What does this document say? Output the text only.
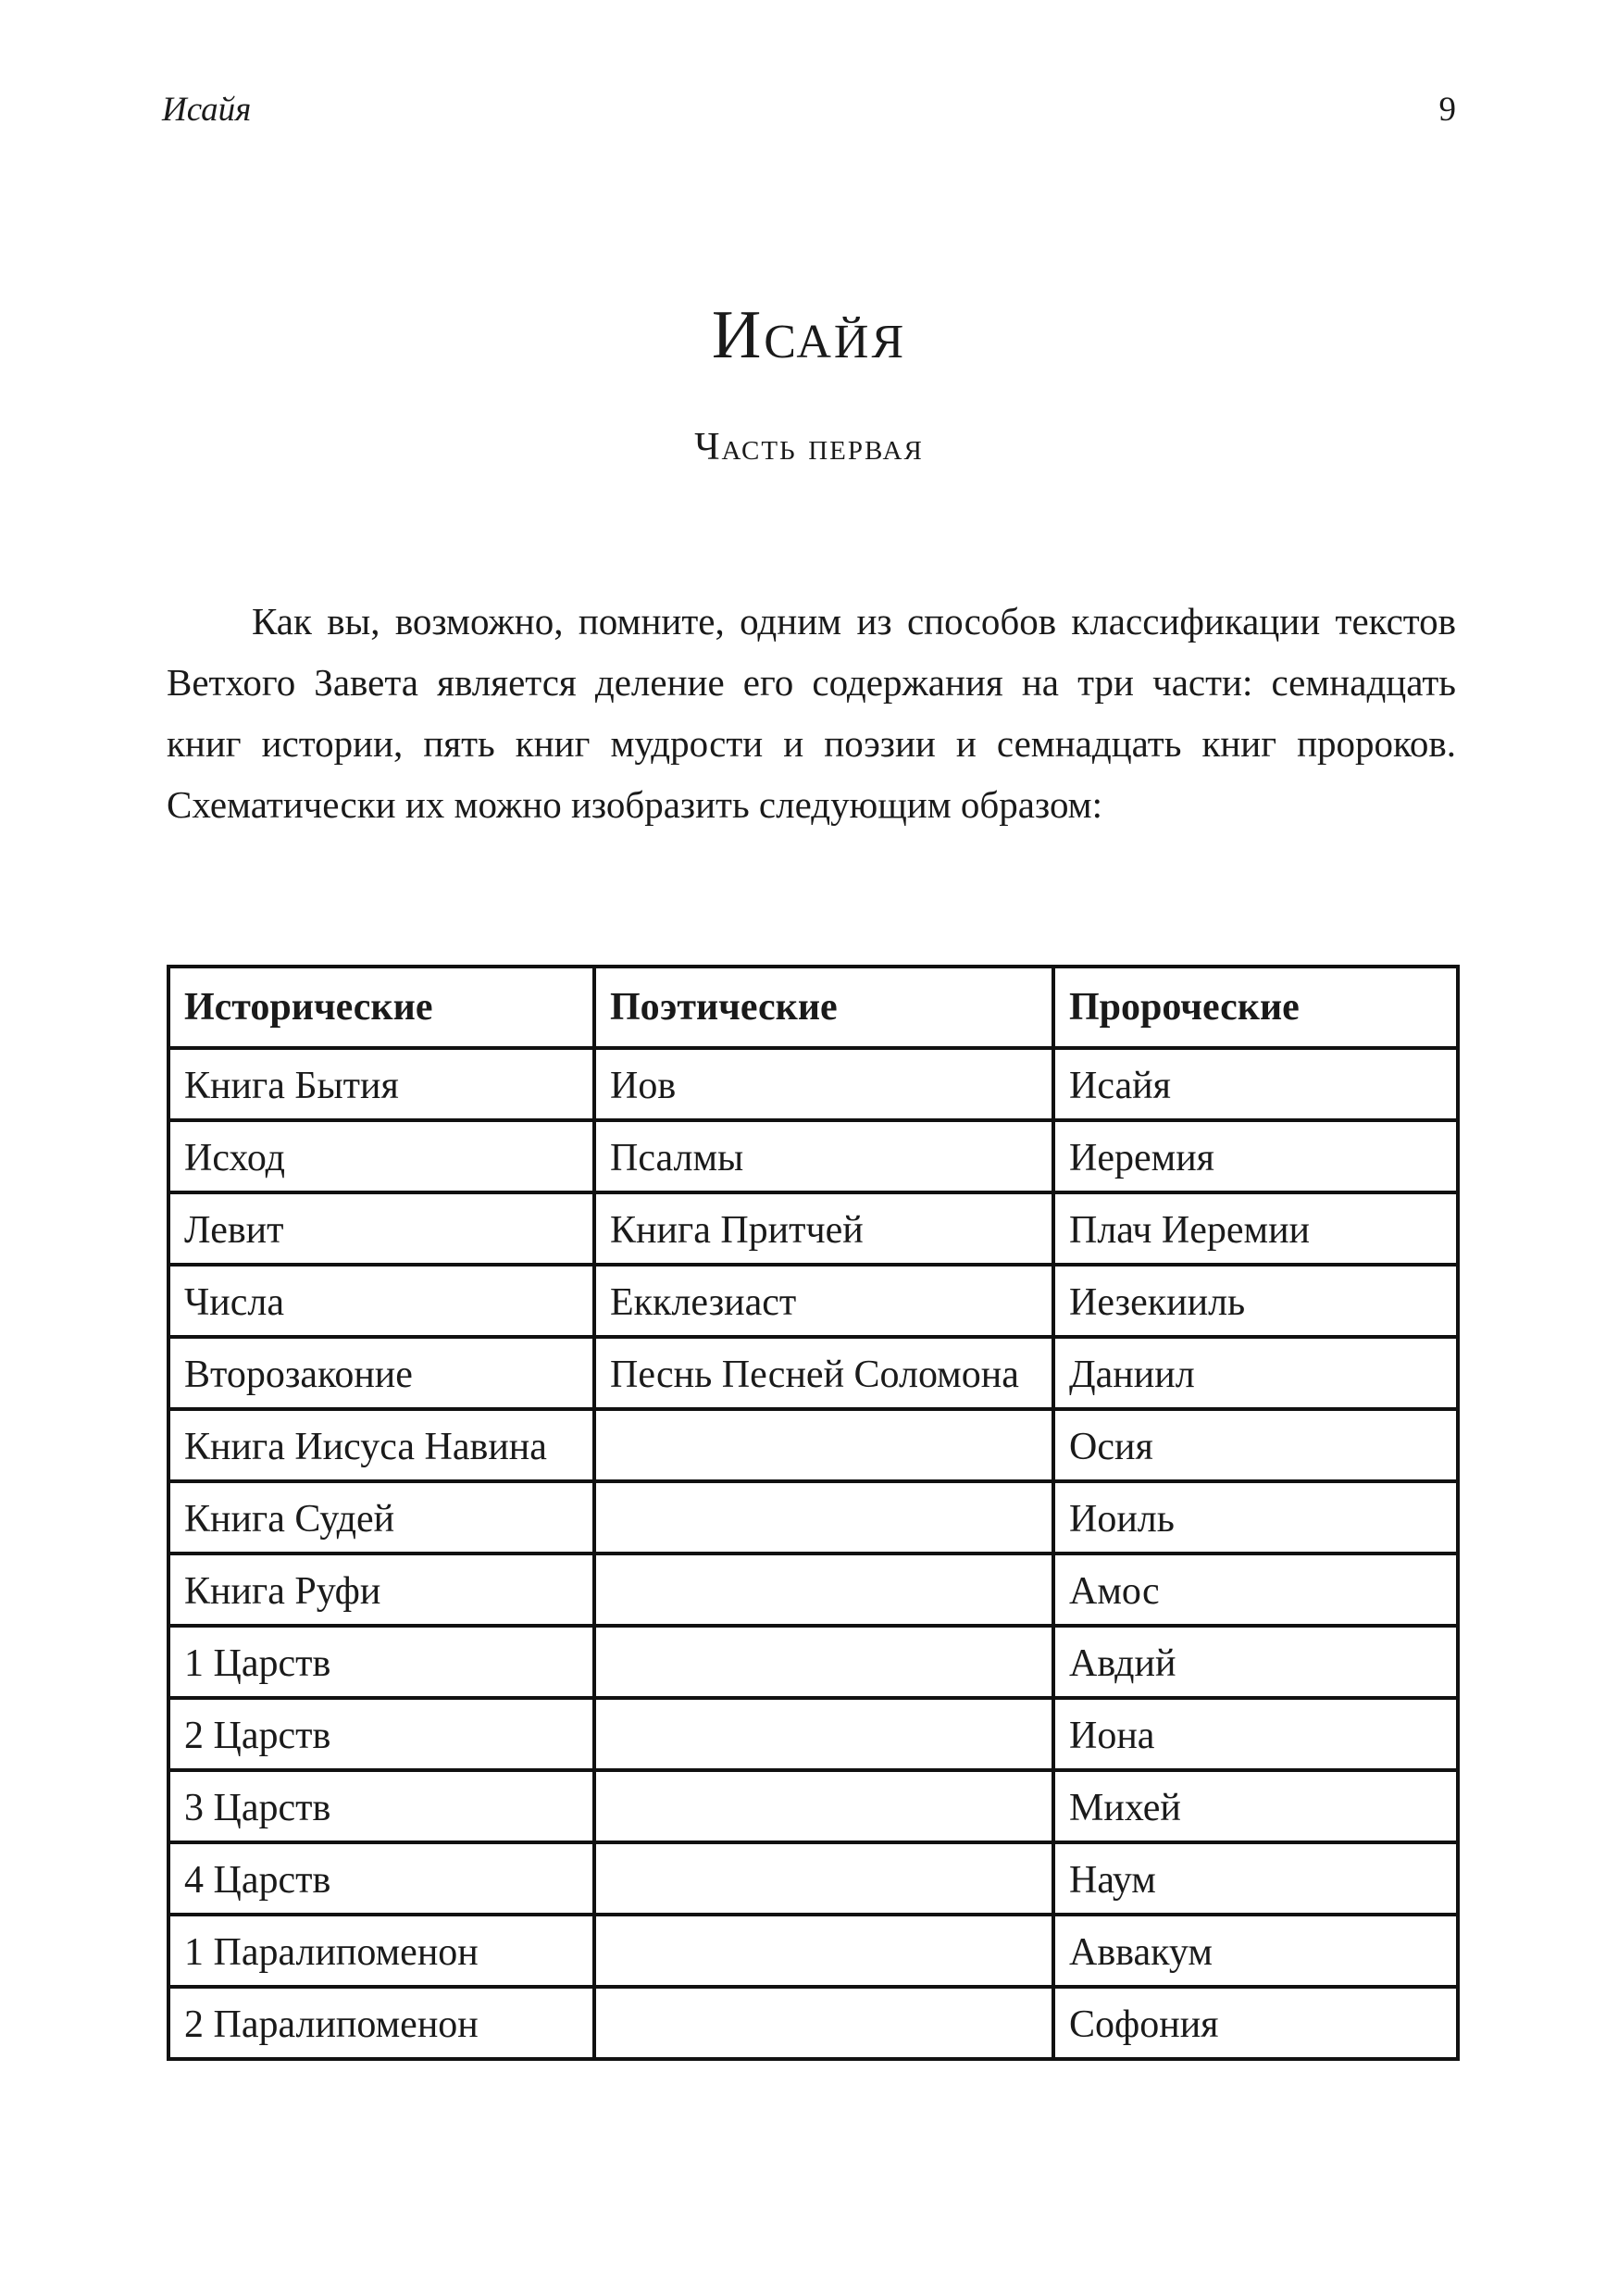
Исайя	9
Исайя
Часть первая

Как вы, возможно, помните, одним из способов классификации текстов Ветхого Завета является деление его содержания на три части: семнадцать книг истории, пять книг мудрости и поэзии и семнадцать книг пророков. Схематически их можно изобразить следующим образом:

Исторические	Поэтические	Пророческие
Книга Бытия	Иов	Исайя
Исход	Псалмы	Иеремия
Левит	Книга Притчей	Плач Иеремии
Числа	Екклезиаст	Иезекииль
Второзаконие	Песнь Песней Соломона	Даниил
Книга Иисуса Навина		Осия
Книга Судей		Иоиль
Книга Руфи		Амос
1 Царств		Авдий
2 Царств		Иона
3 Царств		Михей
4 Царств		Наум
1 Паралипоменон		Аввакум
2 Паралипоменон		Софония
